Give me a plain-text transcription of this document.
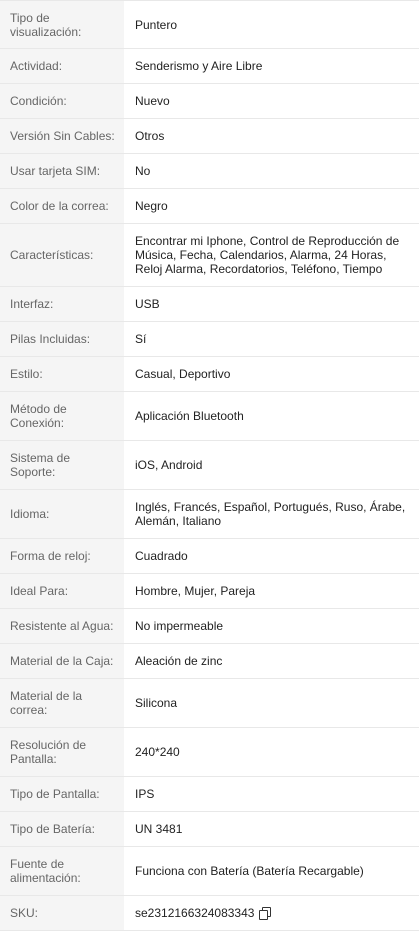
Tipo de visualización:	Puntero
Actividad:	Senderismo y Aire Libre
Condición:	Nuevo
Versión Sin Cables:	Otros
Usar tarjeta SIM:	No
Color de la correa:	Negro
Características:	Encontrar mi Iphone, Control de Reproducción de Música, Fecha, Calendarios, Alarma, 24 Horas, Reloj Alarma, Recordatorios, Teléfono, Tiempo
Interfaz:	USB
Pilas Incluidas:	Sí
Estilo:	Casual, Deportivo
Método de Conexión:	Aplicación Bluetooth
Sistema de Soporte:	iOS, Android
Idioma:	Inglés, Francés, Español, Portugués, Ruso, Árabe, Alemán, Italiano
Forma de reloj:	Cuadrado
Ideal Para:	Hombre, Mujer, Pareja
Resistente al Agua:	No impermeable
Material de la Caja:	Aleación de zinc
Material de la correa:	Silicona
Resolución de Pantalla:	240*240
Tipo de Pantalla:	IPS
Tipo de Batería:	UN 3481
Fuente de alimentación:	Funciona con Batería (Batería Recargable)
SKU:	se2312166324083343
